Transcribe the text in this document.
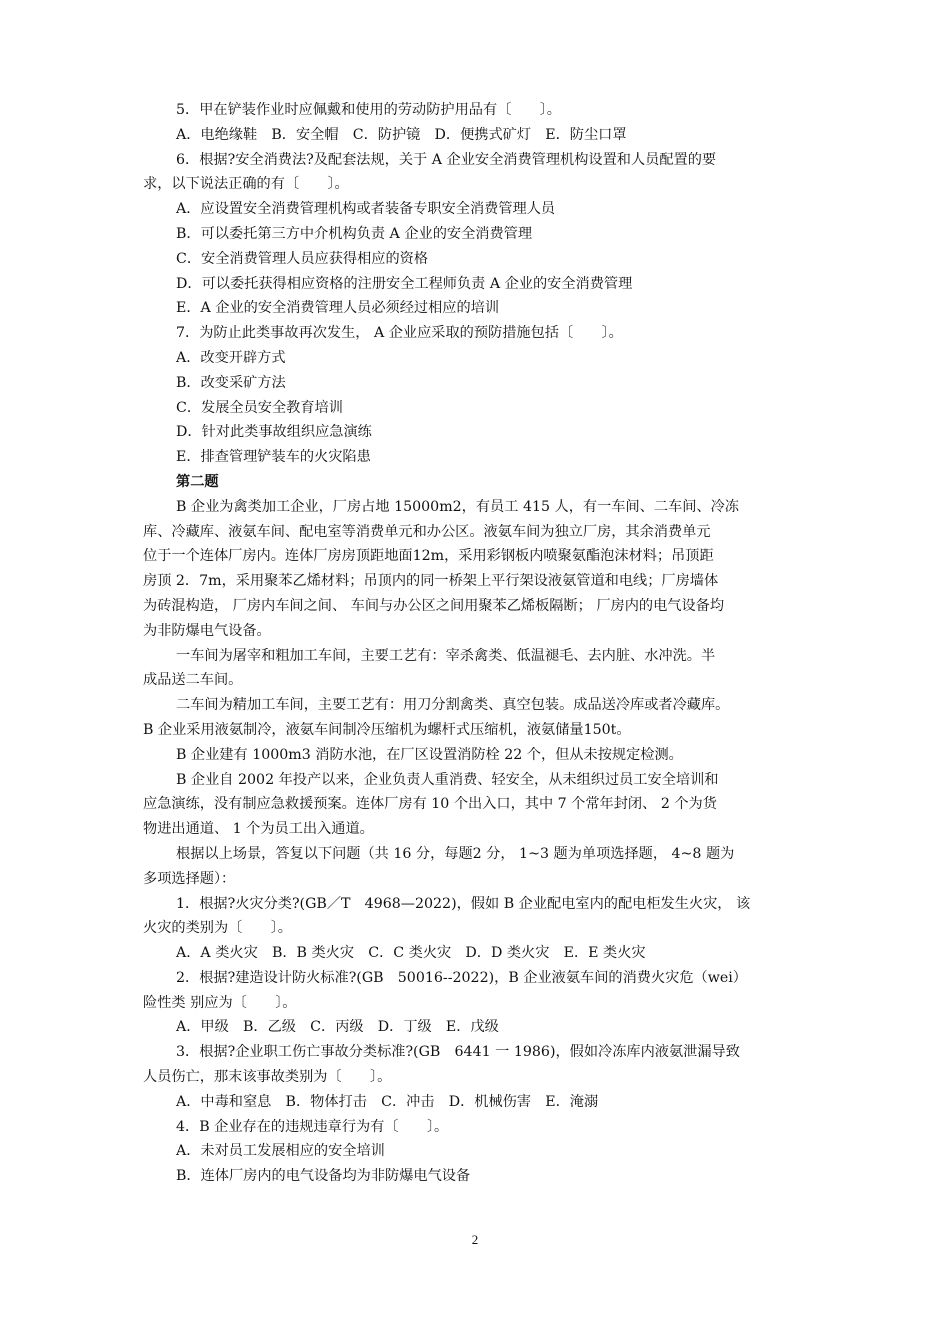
5．甲在铲装作业时应佩戴和使用的劳动防护用品有〔　　〕。
A．电绝缘鞋　B．安全帽　C．防护镜　D．便携式矿灯　E．防尘口罩
6．根据?安全消费法?及配套法规，关于 A 企业安全消费管理机构设置和人员配置的要
求，以下说法正确的有〔　　〕。
A．应设置安全消费管理机构或者装备专职安全消费管理人员
B．可以委托第三方中介机构负责 A 企业的安全消费管理
C．安全消费管理人员应获得相应的资格
D．可以委托获得相应资格的注册安全工程师负责 A 企业的安全消费管理
E．A 企业的安全消费管理人员必须经过相应的培训
7．为防止此类事故再次发生， A 企业应采取的预防措施包括〔　　〕。
A．改变开辟方式
B．改变采矿方法
C．发展全员安全教育培训
D．针对此类事故组织应急演练
E．排查管理铲装车的火灾陷患
第二题
B 企业为禽类加工企业，厂房占地 15000m2，有员工 415 人，有一车间、二车间、冷冻
库、冷藏库、液氨车间、配电室等消费单元和办公区。液氨车间为独立厂房，其余消费单元
位于一个连体厂房内。连体厂房房顶距地面12m，采用彩钢板内喷聚氨酯泡沫材料；吊顶距
房顶 2．7m，采用聚苯乙烯材料；吊顶内的同一桥架上平行架设液氨管道和电线；厂房墙体
为砖混构造， 厂房内车间之间、 车间与办公区之间用聚苯乙烯板隔断； 厂房内的电气设备均
为非防爆电气设备。
一车间为屠宰和粗加工车间，主要工艺有：宰杀禽类、低温褪毛、去内脏、水冲洗。半
成品送二车间。
二车间为精加工车间，主要工艺有：用刀分割禽类、真空包装。成品送冷库或者冷藏库。
B 企业采用液氨制冷，液氨车间制冷压缩机为螺杆式压缩机，液氨储量150t。
B 企业建有 1000m3 消防水池，在厂区设置消防栓 22 个，但从未按规定检测。
B 企业自 2002 年投产以来，企业负责人重消费、轻安全，从未组织过员工安全培训和
应急演练，没有制应急救援预案。连体厂房有 10 个出入口，其中 7 个常年封闭、 2 个为货
物进出通道、 1 个为员工出入通道。
根据以上场景，答复以下问题（共 16 分，每题2 分， 1~3 题为单项选择题， 4~8 题为
多项选择题）：
1．根据?火灾分类?(GB／T　4968—2022)，假如 B 企业配电室内的配电柜发生火灾， 该
火灾的类别为〔　　〕。
A．A 类火灾　B．B 类火灾　C．C 类火灾　D．D 类火灾　E．E 类火灾
2．根据?建造设计防火标准?(GB　50016--2022)，B 企业液氨车间的消费火灾危（wei）
险性类 别应为〔　　〕。
A．甲级　B．乙级　C．丙级　D．丁级　E．戊级
3．根据?企业职工伤亡事故分类标准?(GB　6441 一 1986)，假如冷冻库内液氨泄漏导致
人员伤亡，那末该事故类别为〔　　〕。
A．中毒和窒息　B．物体打击　C．冲击　D．机械伤害　E．淹溺
4．B 企业存在的违规违章行为有〔　　〕。
A．未对员工发展相应的安全培训
B．连体厂房内的电气设备均为非防爆电气设备
2
